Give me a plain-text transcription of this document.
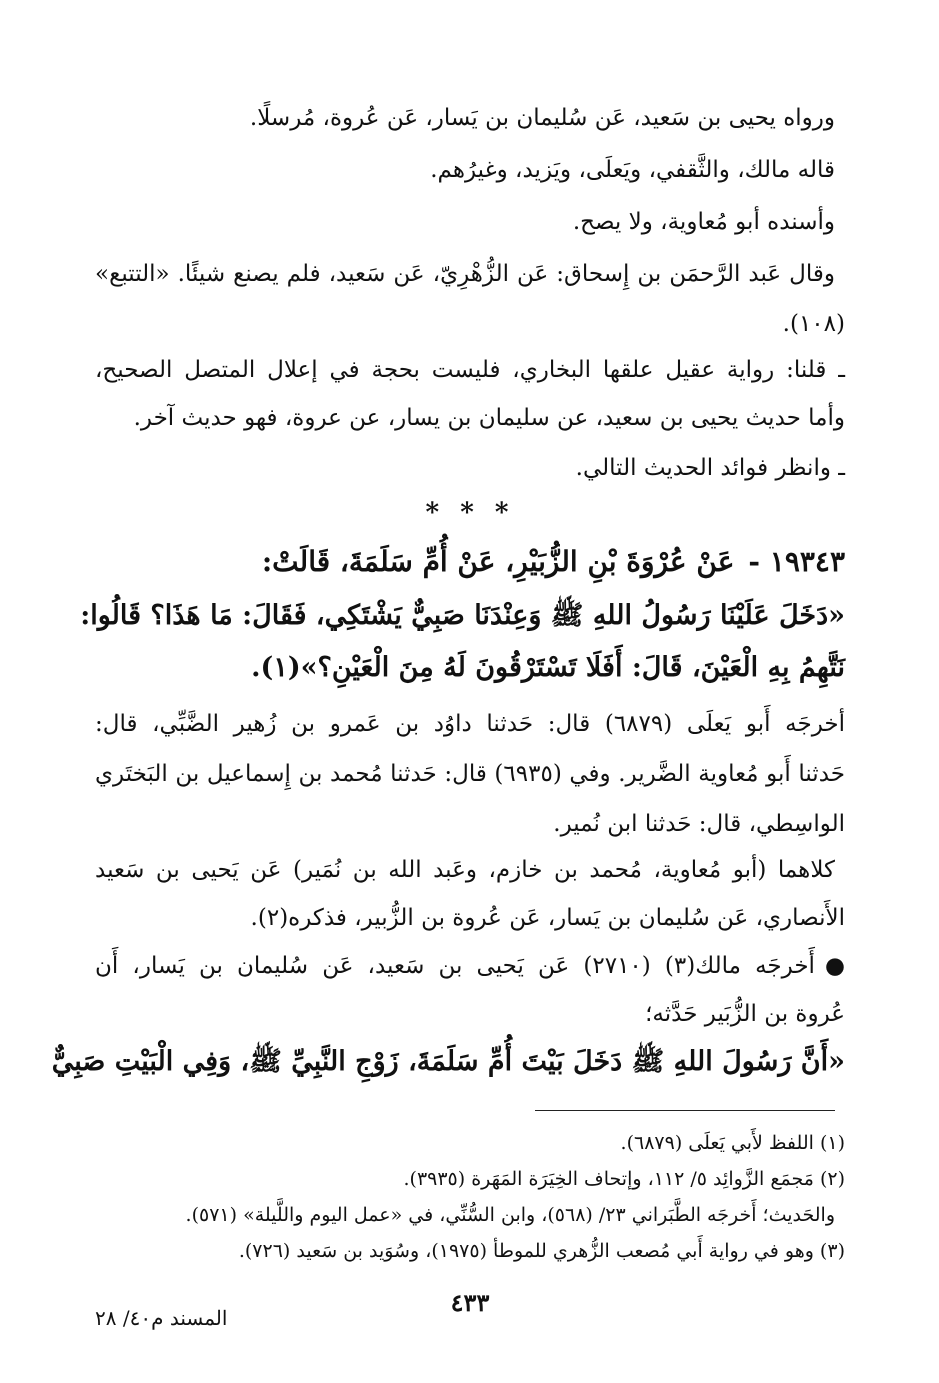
ورواه يحيى بن سَعيد، عَن سُليمان بن يَسار، عَن عُروة، مُرسلًا.
قاله مالك، والثَّقفي، ويَعلَى، ويَزيد، وغيرُهم.
وأسنده أبو مُعاوية، ولا يصح.
وقال عَبد الرَّحمَن بن إِسحاق: عَن الزُّهْرِيّ، عَن سَعيد، فلم يصنع شيئًا. «التتبع»
(١٠٨).
ـ قلنا: رواية عقيل علقها البخاري، فليست بحجة في إعلال المتصل الصحيح،
وأما حديث يحيى بن سعيد، عن سليمان بن يسار، عن عروة، فهو حديث آخر.
ـ وانظر فوائد الحديث التالي.
* * *
١٩٣٤٣ -عَنْ عُرْوَةَ بْنِ الزُّبَيْرِ، عَنْ أُمِّ سَلَمَةَ، قَالَتْ:
«دَخَلَ عَلَيْنَا رَسُولُ اللهِ ﷺ وَعِنْدَنَا صَبِيٌّ يَشْتَكِي، فَقَالَ: مَا هَذَا؟ قَالُوا:
نَتَّهِمُ بِهِ الْعَيْنَ، قَالَ: أَفَلَا تَسْتَرْقُونَ لَهُ مِنَ الْعَيْنِ؟»(١).
أخرجَه أَبو يَعلَى (٦٨٧٩) قال: حَدثنا داوُد بن عَمرو بن زُهير الضَّبِّي، قال:
حَدثنا أَبو مُعاوية الضَّرير. وفي (٦٩٣٥) قال: حَدثنا مُحمد بن إِسماعيل بن البَختَري
الواسِطي، قال: حَدثنا ابن نُمير.
كلاهما (أبو مُعاوية، مُحمد بن خازم، وعَبد الله بن نُمَير) عَن يَحيى بن سَعيد
الأَنصاري، عَن سُليمان بن يَسار، عَن عُروة بن الزُّبير، فذكره(٢).
●أَخرجَه مالك(٣) (٢٧١٠) عَن يَحيى بن سَعيد، عَن سُليمان بن يَسار، أَن
عُروة بن الزُّبَير حَدَّثه؛
«أَنَّ رَسُولَ اللهِ ﷺ دَخَلَ بَيْتَ أُمِّ سَلَمَةَ، زَوْجِ النَّبِيِّ ﷺ، وَفِي الْبَيْتِ صَبِيٌّ
(١) اللفظ لأَبي يَعلَى (٦٨٧٩).
(٢) مَجمَع الزَّوائِد ٥/ ١١٢، وإتحاف الخِيَرَة المَهَرة (٣٩٣٥).
والحَديث؛ أَخرجَه الطَّبَراني ٢٣/ (٥٦٨)، وابن السُّنِّي، في «عمل اليوم واللَّيلة» (٥٧١).
(٣) وهو في رواية أَبي مُصعب الزُّهري للموطأ (١٩٧٥)، وسُوَيد بن سَعيد (٧٢٦).
٤٣٣
المسند م٤٠/ ٢٨
